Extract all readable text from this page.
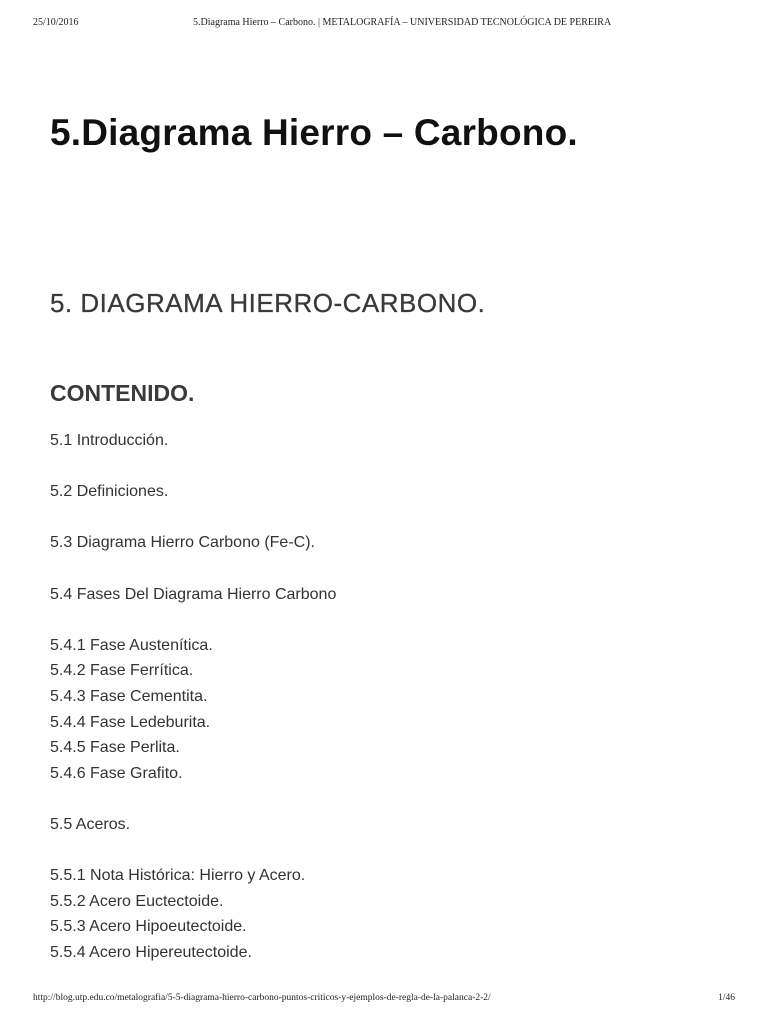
25/10/2016	5.Diagrama Hierro – Carbono. | METALOGRAFÍA – UNIVERSIDAD TECNOLÓGICA DE PEREIRA
5.Diagrama Hierro – Carbono.
5. DIAGRAMA HIERRO-CARBONO.
CONTENIDO.
5.1 Introducción.
5.2 Definiciones.
5.3 Diagrama Hierro Carbono (Fe-C).
5.4 Fases Del Diagrama Hierro Carbono
5.4.1 Fase Austenítica.
5.4.2 Fase Ferrítica.
5.4.3 Fase Cementita.
5.4.4 Fase Ledeburita.
5.4.5 Fase Perlita.
5.4.6 Fase Grafito.
5.5 Aceros.
5.5.1 Nota Histórica: Hierro y Acero.
5.5.2 Acero Euctectoide.
5.5.3 Acero Hipoeutectoide.
5.5.4 Acero Hipereutectoide.
http://blog.utp.edu.co/metalografia/5-5-diagrama-hierro-carbono-puntos-criticos-y-ejemplos-de-regla-de-la-palanca-2-2/	1/46
